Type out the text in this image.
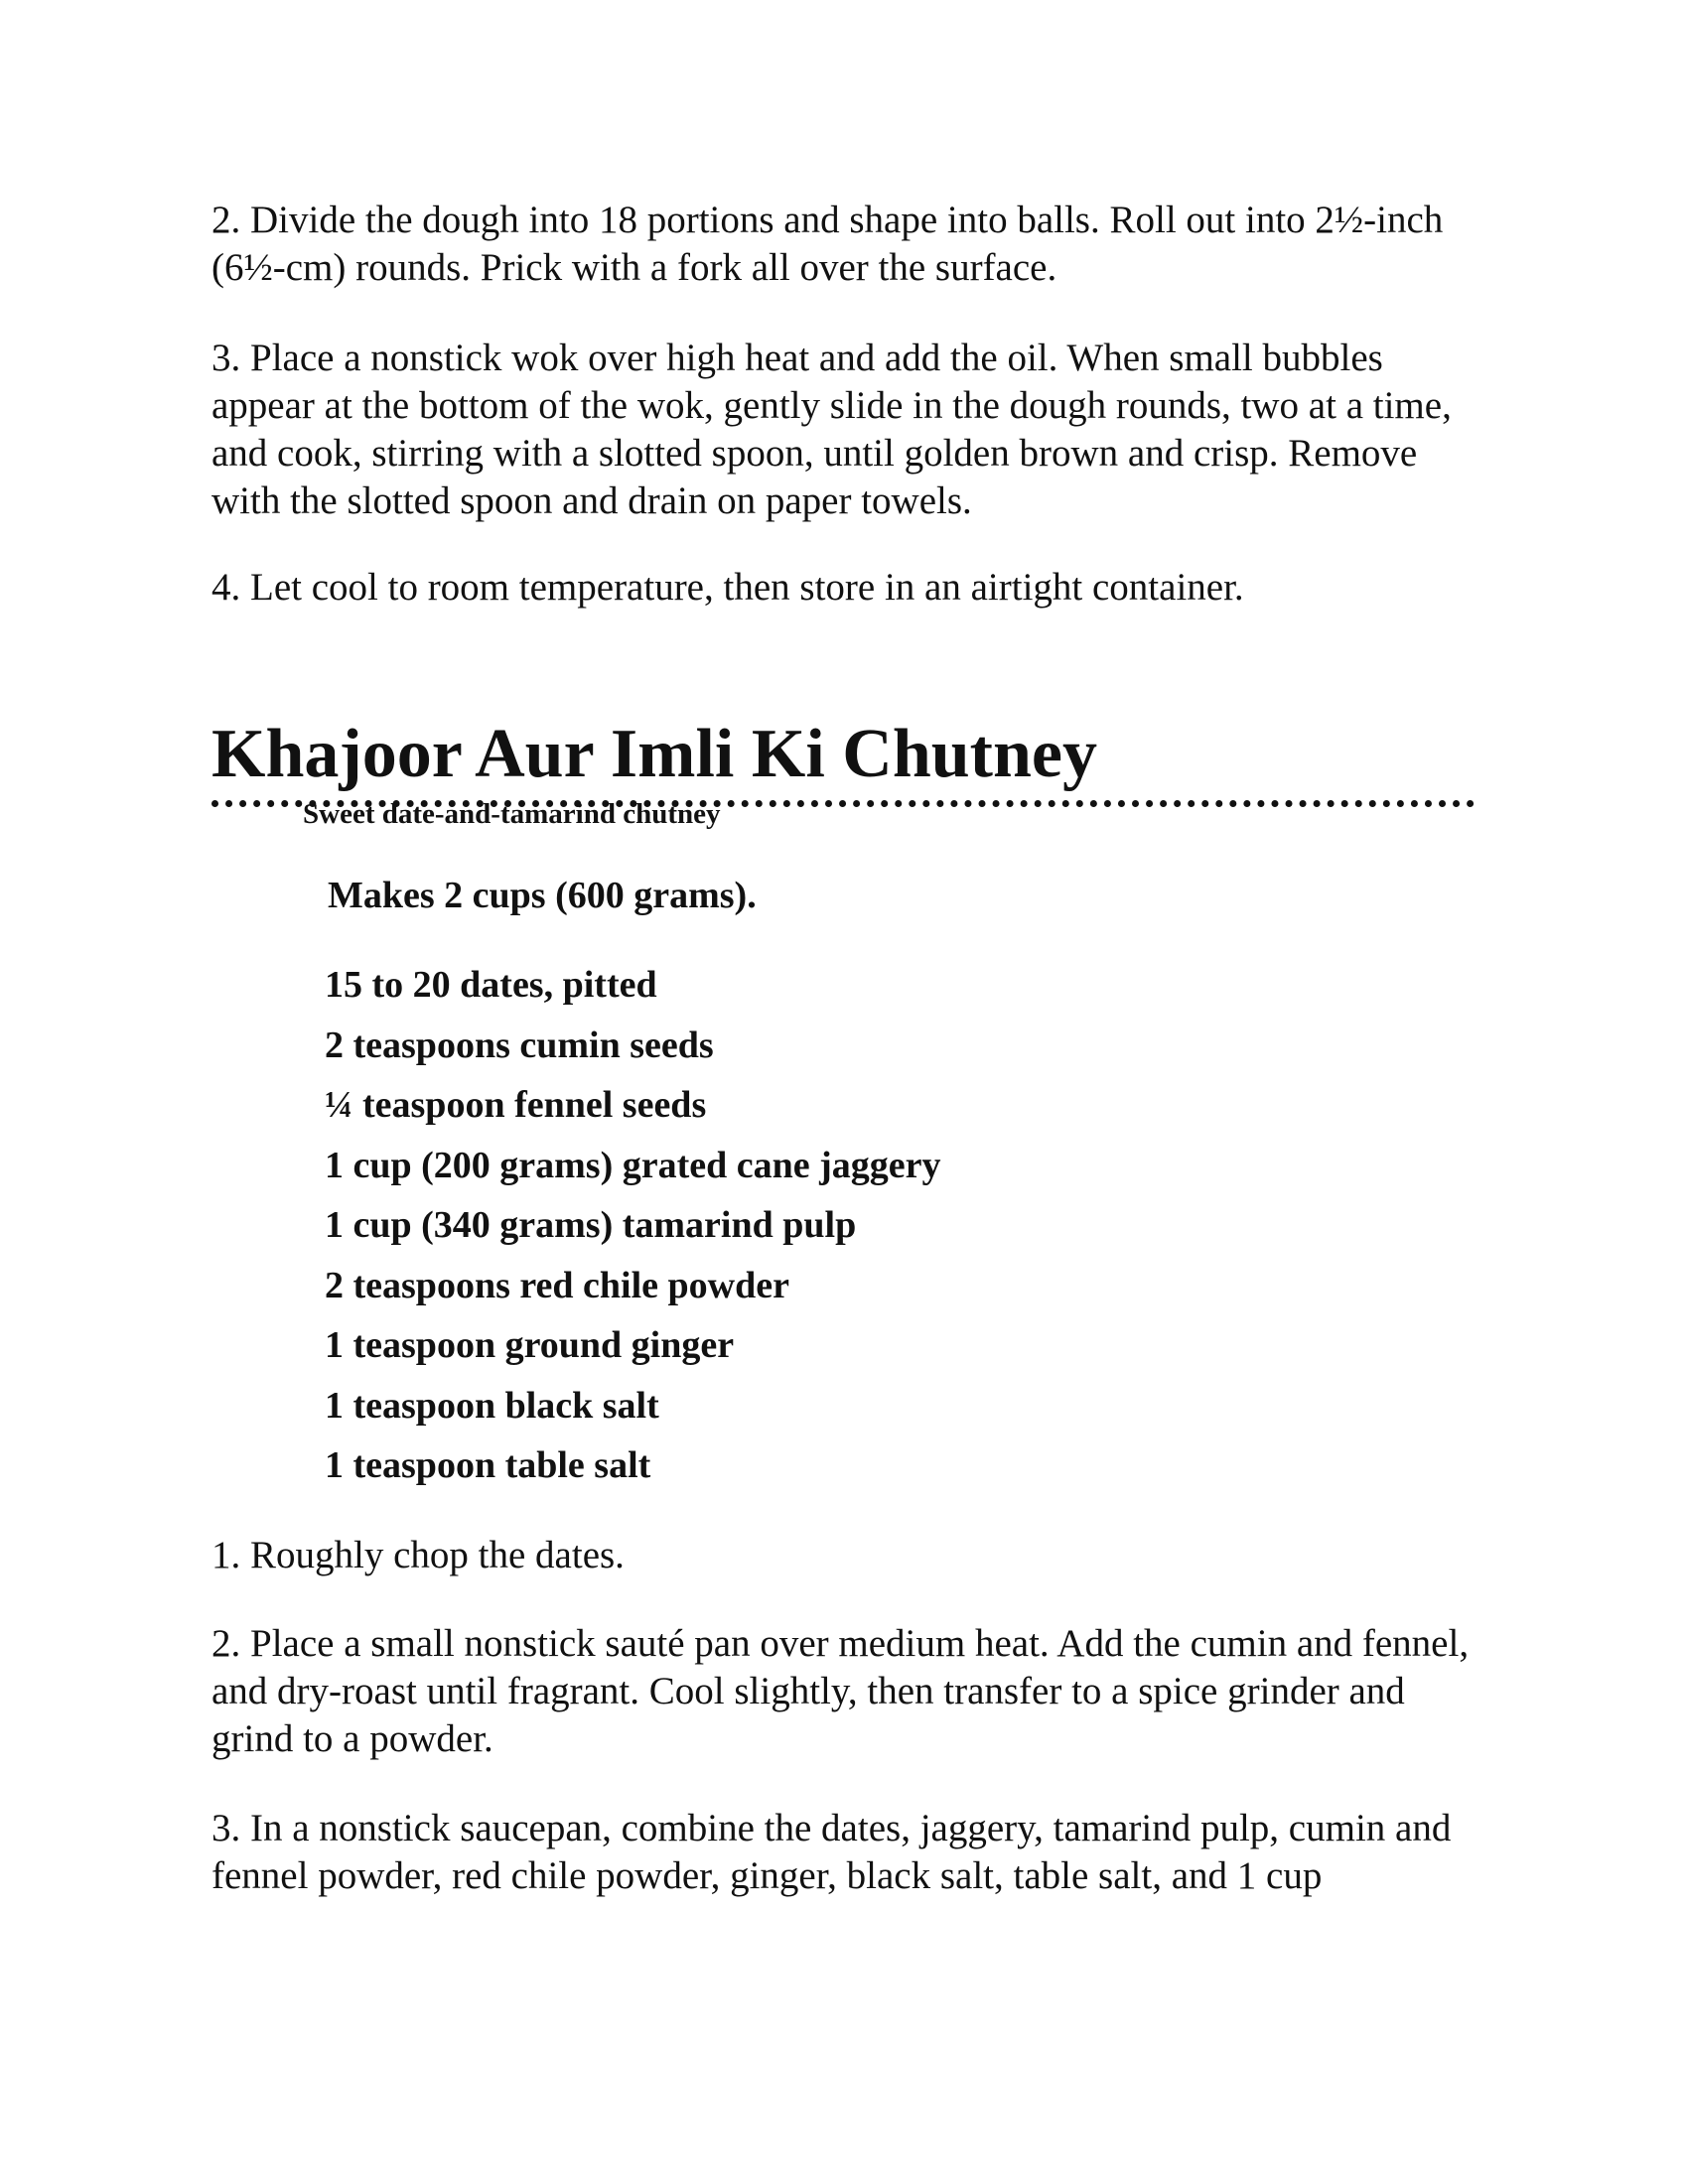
2. Divide the dough into 18 portions and shape into balls. Roll out into 2½-inch (6½-cm) rounds. Prick with a fork all over the surface.

3. Place a nonstick wok over high heat and add the oil. When small bubbles appear at the bottom of the wok, gently slide in the dough rounds, two at a time, and cook, stirring with a slotted spoon, until golden brown and crisp. Remove with the slotted spoon and drain on paper towels.

4. Let cool to room temperature, then store in an airtight container.

Khajoor Aur Imli Ki Chutney

Sweet date-and-tamarind chutney

Makes 2 cups (600 grams).

15 to 20 dates, pitted
2 teaspoons cumin seeds
¼ teaspoon fennel seeds
1 cup (200 grams) grated cane jaggery
1 cup (340 grams) tamarind pulp
2 teaspoons red chile powder
1 teaspoon ground ginger
1 teaspoon black salt
1 teaspoon table salt

1. Roughly chop the dates.

2. Place a small nonstick sauté pan over medium heat. Add the cumin and fennel, and dry-roast until fragrant. Cool slightly, then transfer to a spice grinder and grind to a powder.

3. In a nonstick saucepan, combine the dates, jaggery, tamarind pulp, cumin and fennel powder, red chile powder, ginger, black salt, table salt, and 1 cup
